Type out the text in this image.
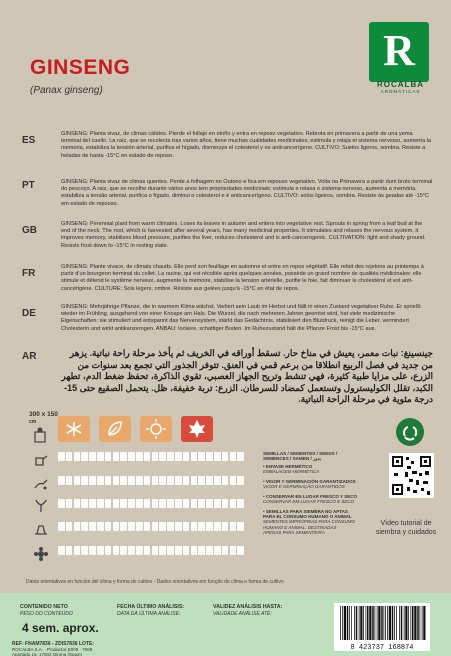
GINSENG
(Panax ginseng)
R
ROCALBA
AROMÁTICAS
ES
GINSENG: Planta vivaz, de climas cálidos. Pierde el follaje en otoño y entra en reposo vegetativo. Rebrota en primavera a partir de una yema terminal del cuello. La raíz, que se recolecta tras varios años, tiene muchas cualidades medicinales; estimula y relaja el sistema nervioso, aumenta la memoria, estabiliza la tensión arterial, purifica el hígado, disminuye el colesterol y es anticancerígeno. CULTIVO: Suelos ligeros, sombra. Resiste a heladas de hasta -15°C en estado de reposo.
PT	GINSENG: Planta vivaz de climas quentes. Perde a folhagem no Outono e fica em repouso vegetativo. Volta na Primavera a partir dum broto terminal do pescoço. A raiz, que se recolhe durante vários anos tem propriedades medicinais; estimula e relaxa o sistema nervoso, aumenta a memória, estabiliza a tensão arterial, purifica o fígado, diminui o colesterol e é anticancerígeno. CULTIVO: solos ligeiros, sombra. Resiste às geadas até -15°C em estado de repouso.
GB
GINSENG: Perennial plant from warm climates. Loses its leaves in autumn and enters into vegetative rest. Sprouts in spring from a leaf bud at the end of the neck. The root, which is harvested after several years, has many medicinal properties. It stimulates and relaxes the nervous system, it improves memory, stabilizes blood pressure, purifies the liver, reduces cholesterol and is anti-cancerogenic. CULTIVATION: light and shady ground. Resists frost down to -15°C in resting state.
FR
GINSENG: Plante vivace, de climats chauds. Elle perd son feuillage en automne et entre en repos végétatif. Elle refait des rejetons au printemps à partir d'un bourgeon terminal du collet. La racine, qui est récoltée après quelques années, possède un grand nombre de qualités médicinales: elle stimule et détend le système nerveux, augmente la mémoire, stabilise la tension artérielle, purifie le foie, fait diminuer le cholestérol et est anti-cancérigène. CULTURE: Sols légers, ombre. Résiste aux gelées jusqu'à -15°C en état de repos.
DE
GINSENG: Mehrjährige Pflanze, die in warmem Klima wächst. Verliert sein Laub im Herbst und fällt in einen Zustand vegetativer Ruhe. Er sprießt wieder im Frühling, ausgehend von einer Knospe am Hals. Die Wurzel, die nach mehreren Jahren geerntet wird, hat viele medizinische Eigenschaften: sie stimuliert und entspannt das Nervensystem, stärkt das Gedächtnis, stabilisiert den Blutdruck, reinigt die Leber, vermindert Cholesterin und wirkt antikanzerogen. ANBAU: lockere, schattiger Boden. Im Ruhezustand hält die Pflanze Frost bis -15°C aus.
AR	جينسينغ: نبات معمر، يعيش في مناخ حار. تسقط أوراقه في الخريف ثم يأخذ مرحلة راحة نباتية. يزهر من جديد في فصل الربيع انطلاقا من برعم قمي في العنق. تتوفر الجذور التي تجمع بعد سنوات من الزرع، على مزايا طبية كثيرة، فهي تنشط وتريح الجهاز العصبي، تقوي الذاكرة، تحفظ ضغط الدم، تطهر الكبد، تقلل الكوليسترول وتستعمل كمضاد للسرطان. الزرع: تربة خفيفة، ظل. يتحمل الصقيع حتى 15- درجة مئوية في مرحلة الراحة النباتية.
300 x 150
cm
SEMILLAS / SEMENTES / SEEDS /
SEMENCES / SAMEN / بذور
• ENVASE HERMÉTICO
EMBALAGEM HERMÉTICA
• VIGOR Y GERMINACIÓN GARANTIZADOS
VIGOR E GERMINAÇÃO GARANTIDOS
• CONSERVAR EN LUGAR FRESCO Y SECO
CONSERVAR EM LUGAR FRESCO E SECO
• SEMILLAS PARA SIEMBRA NO APTAS
PARA EL CONSUMO HUMANO O ANIMAL
SEMENTES IMPRÓPRIAS PARA CONSUMO
HUMANO E ANIMAL. DESTINADAS
APENAS PARA SEMENTEIRA
Vídeo tutorial de
siembra y cuidados
Datos orientativos en función del clima y forma de cultivo - Dados orientativos em função do clima e forma de cultivo
CONTENIDO NETO
PESO DO CONTEÚDO
4 sem. aprox.
FECHA ÚLTIMO ANÁLISIS:
DATA DA ÚLTIMA ANÁLISE:
VALIDEZ ANÁLISIS HASTA:
VALIDADE ANÁLISE ATÉ:
REF: FNAM7836 - ZDIS7836 LOTE:
ROCALBA S.A. · Productor E009 · 7009
Apartado 15, 17002 Girona (Spain)
8 423737 168874
